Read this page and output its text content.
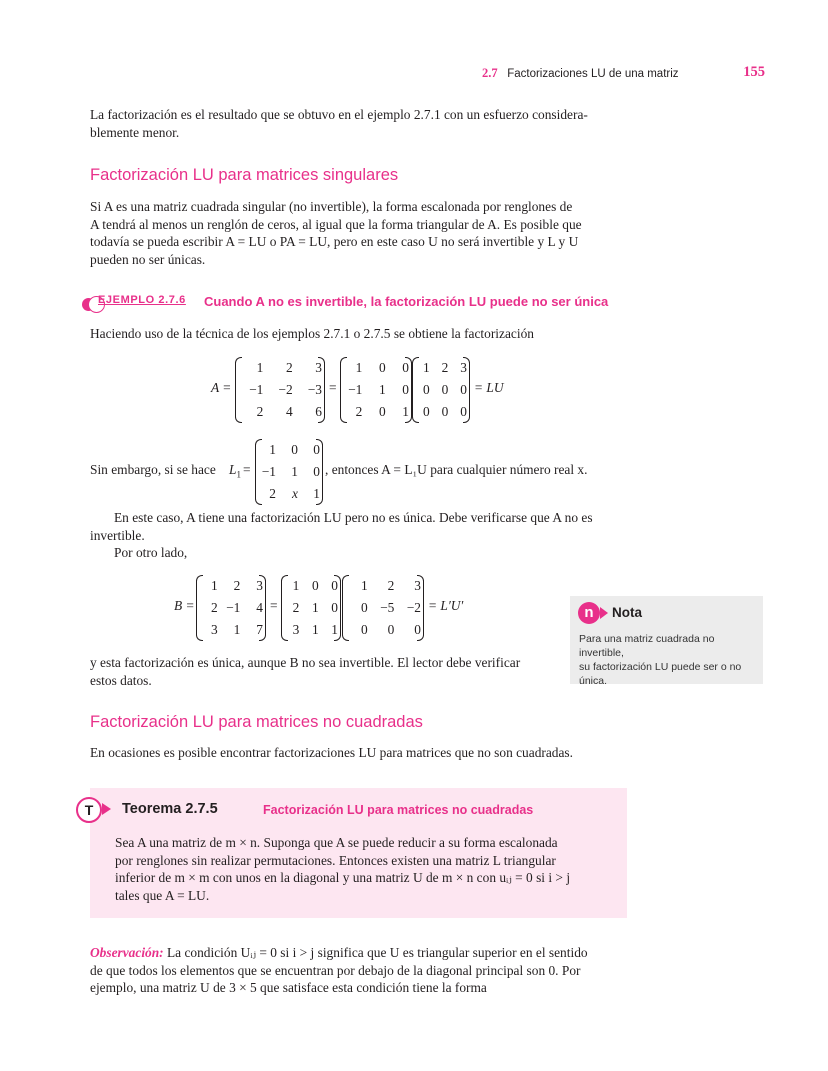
2.7 Factorizaciones LU de una matriz	155

La factorización es el resultado que se obtuvo en el ejemplo 2.7.1 con un esfuerzo considera-

blemente menor.

Factorización LU para matrices singulares

Si A es una matriz cuadrada singular (no invertible), la forma escalonada por renglones de

A tendrá al menos un renglón de ceros, al igual que la forma triangular de A. Es posible que

todavía se pueda escribir A = LU o PA = LU, pero en este caso U no será invertible y L y U

pueden no ser únicas.

EJEMPLO 2.7.6 Cuando A no es invertible, la factorización LU puede no ser única
Haciendo uso de la técnica de los ejemplos 2.7.1 o 2.7.5 se obtiene la factorización
A =
1	2	3
−1	−2	−3
2	4	6
=
1	0	0
−1	1	0
2	0	1
1 2 3
0 0 0
0 0 0
= LU
Sin embargo, si se hace $L_1$ =
1	0	0
−1	1	0
2	x	1
, entonces A = L₁U para cualquier número real x.

En este caso, A tiene una factorización LU pero no es única. Debe verificarse que A no es

invertible.

Por otro lado,

B =
1	2	3
2 −1	4
3	1	7
=
1 0 0
2 1 0
3 1 1
1	2	3
0 −5 −2
0	0	0
= L′U′

y esta factorización es única, aunque B no sea invertible. El lector debe verificar

estos datos.

n	Nota
Para una matriz cuadrada no invertible,
su factorización LU puede ser o no
única.
Factorización LU para matrices no cuadradas
En ocasiones es posible encontrar factorizaciones LU para matrices que no son cuadradas.
T	Teorema 2.7.5	Factorización LU para matrices no cuadradas

Sea A una matriz de m × n. Suponga que A se puede reducir a su forma escalonada

por renglones sin realizar permutaciones. Entonces existen una matriz L triangular

inferior de m × m con unos en la diagonal y una matriz U de m × n con uᵢⱼ = 0 si i > j

tales que A = LU.

Observación: La condición Uᵢⱼ = 0 si i > j significa que U es triangular superior en el sentido

de que todos los elementos que se encuentran por debajo de la diagonal principal son 0. Por

ejemplo, una matriz U de 3 × 5 que satisface esta condición tiene la forma
